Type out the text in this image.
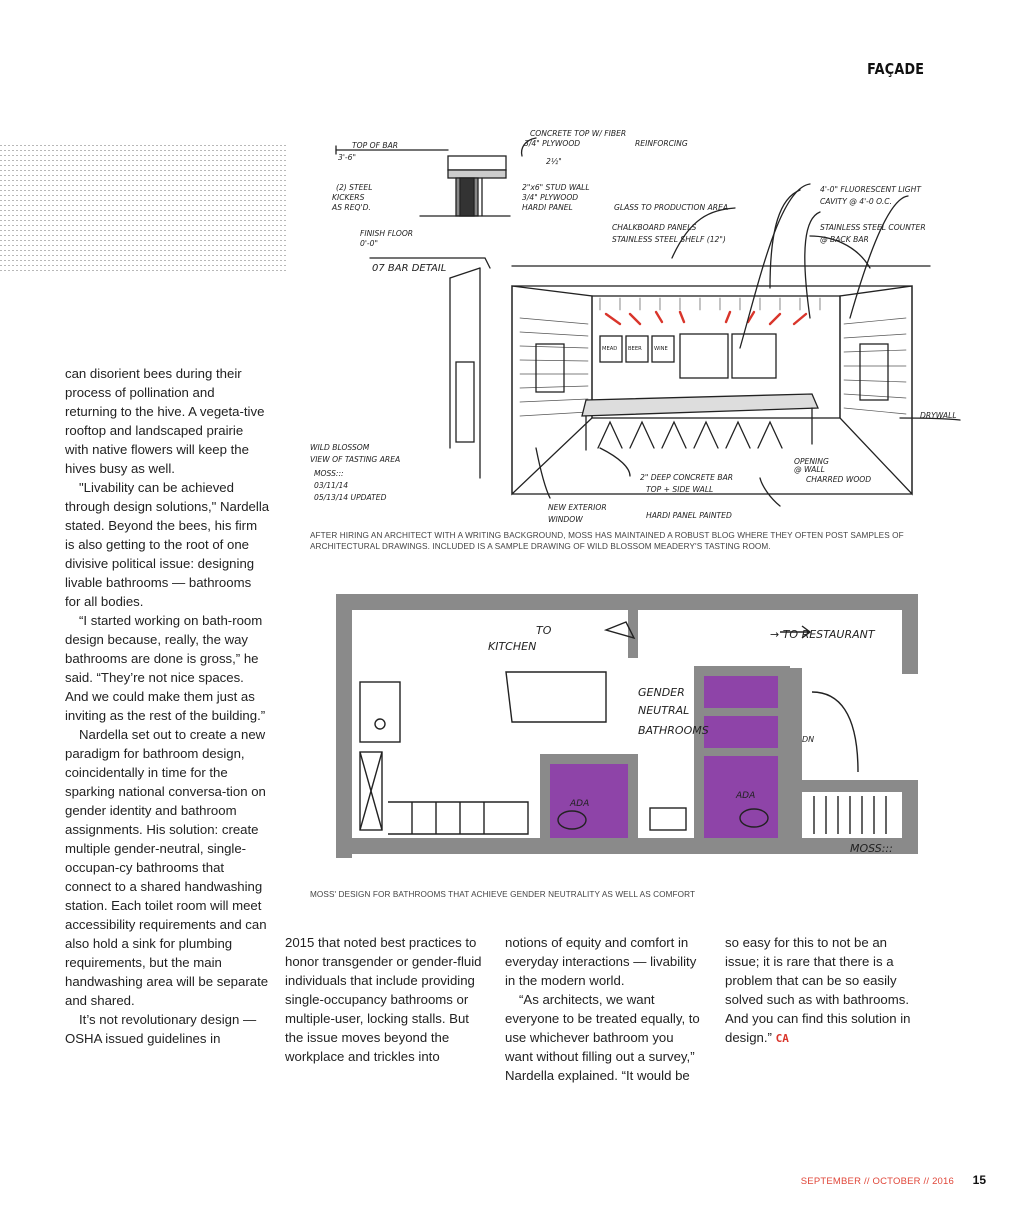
FAÇADE
CONCRETE TOP W/ FIBER
3/4" PLYWOOD	REINFORCING
TOP OF BAR
3'-6"	2½"
(2) STEEL
KICKERS
AS REQ'D.
2"x6" STUD WALL
3/4" PLYWOOD
HARDI PANEL
FINISH FLOOR
0'-0"
07 BAR DETAIL
GLASS TO PRODUCTION AREA
CHALKBOARD PANELS
STAINLESS STEEL SHELF (12")
4'-0" FLUORESCENT LIGHT
CAVITY @ 4'-0 O.C.
STAINLESS STEEL COUNTER
@ BACK BAR
DRYWALL
WILD BLOSSOM
VIEW OF TASTING AREA
MOSS:::
03/11/14
05/13/14 UPDATED
2" DEEP CONCRETE BAR
TOP + SIDE WALL
OPENING
@ WALL
CHARRED WOOD
NEW EXTERIOR
WINDOW	HARDI PANEL PAINTED
MEAD BEER WINE
AFTER HIRING AN ARCHITECT WITH A WRITING BACKGROUND, MOSS HAS MAINTAINED A ROBUST BLOG WHERE THEY OFTEN POST SAMPLES OF ARCHITECTURAL DRAWINGS. INCLUDED IS A SAMPLE DRAWING OF WILD BLOSSOM MEADERY'S TASTING ROOM.
TO
KITCHEN
→ TO RESTAURANT
GENDER
NEUTRAL
BATHROOMS
ADA
ADA
DN
MOSS:::
MOSS' DESIGN FOR BATHROOMS THAT ACHIEVE GENDER NEUTRALITY AS WELL AS COMFORT

can disorient bees during their process of pollination and returning to the hive. A vegeta-tive rooftop and landscaped prairie with native flowers will keep the hives busy as well.

"Livability can be achieved through design solutions," Nardella stated. Beyond the bees, his firm is also getting to the root of one divisive political issue: designing livable bathrooms — bathrooms for all bodies.

“I started working on bath-room design because, really, the way bathrooms are done is gross,” he said. “They’re not nice spaces. And we could make them just as inviting as the rest of the building.”

Nardella set out to create a new paradigm for bathroom design, coincidentally in time for the sparking national conversa-tion on gender identity and bathroom assignments. His solution: create multiple gender-neutral, single-occupan-cy bathrooms that connect to a shared handwashing station. Each toilet room will meet accessibility requirements and can also hold a sink for plumbing requirements, but the main handwashing area will be separate and shared.

It’s not revolutionary design — OSHA issued guidelines in

2015 that noted best practices to honor transgender or gender-fluid individuals that include providing single-occupancy bathrooms or multiple-user, locking stalls. But the issue moves beyond the workplace and trickles into

notions of equity and comfort in everyday interactions — livability in the modern world.

“As architects, we want everyone to be treated equally, to use whichever bathroom you want without filling out a survey,” Nardella explained. “It would be

so easy for this to not be an issue; it is rare that there is a problem that can be so easily solved such as with bathrooms. And you can find this solution in design.” CA

SEPTEMBER // OCTOBER // 2016 15
